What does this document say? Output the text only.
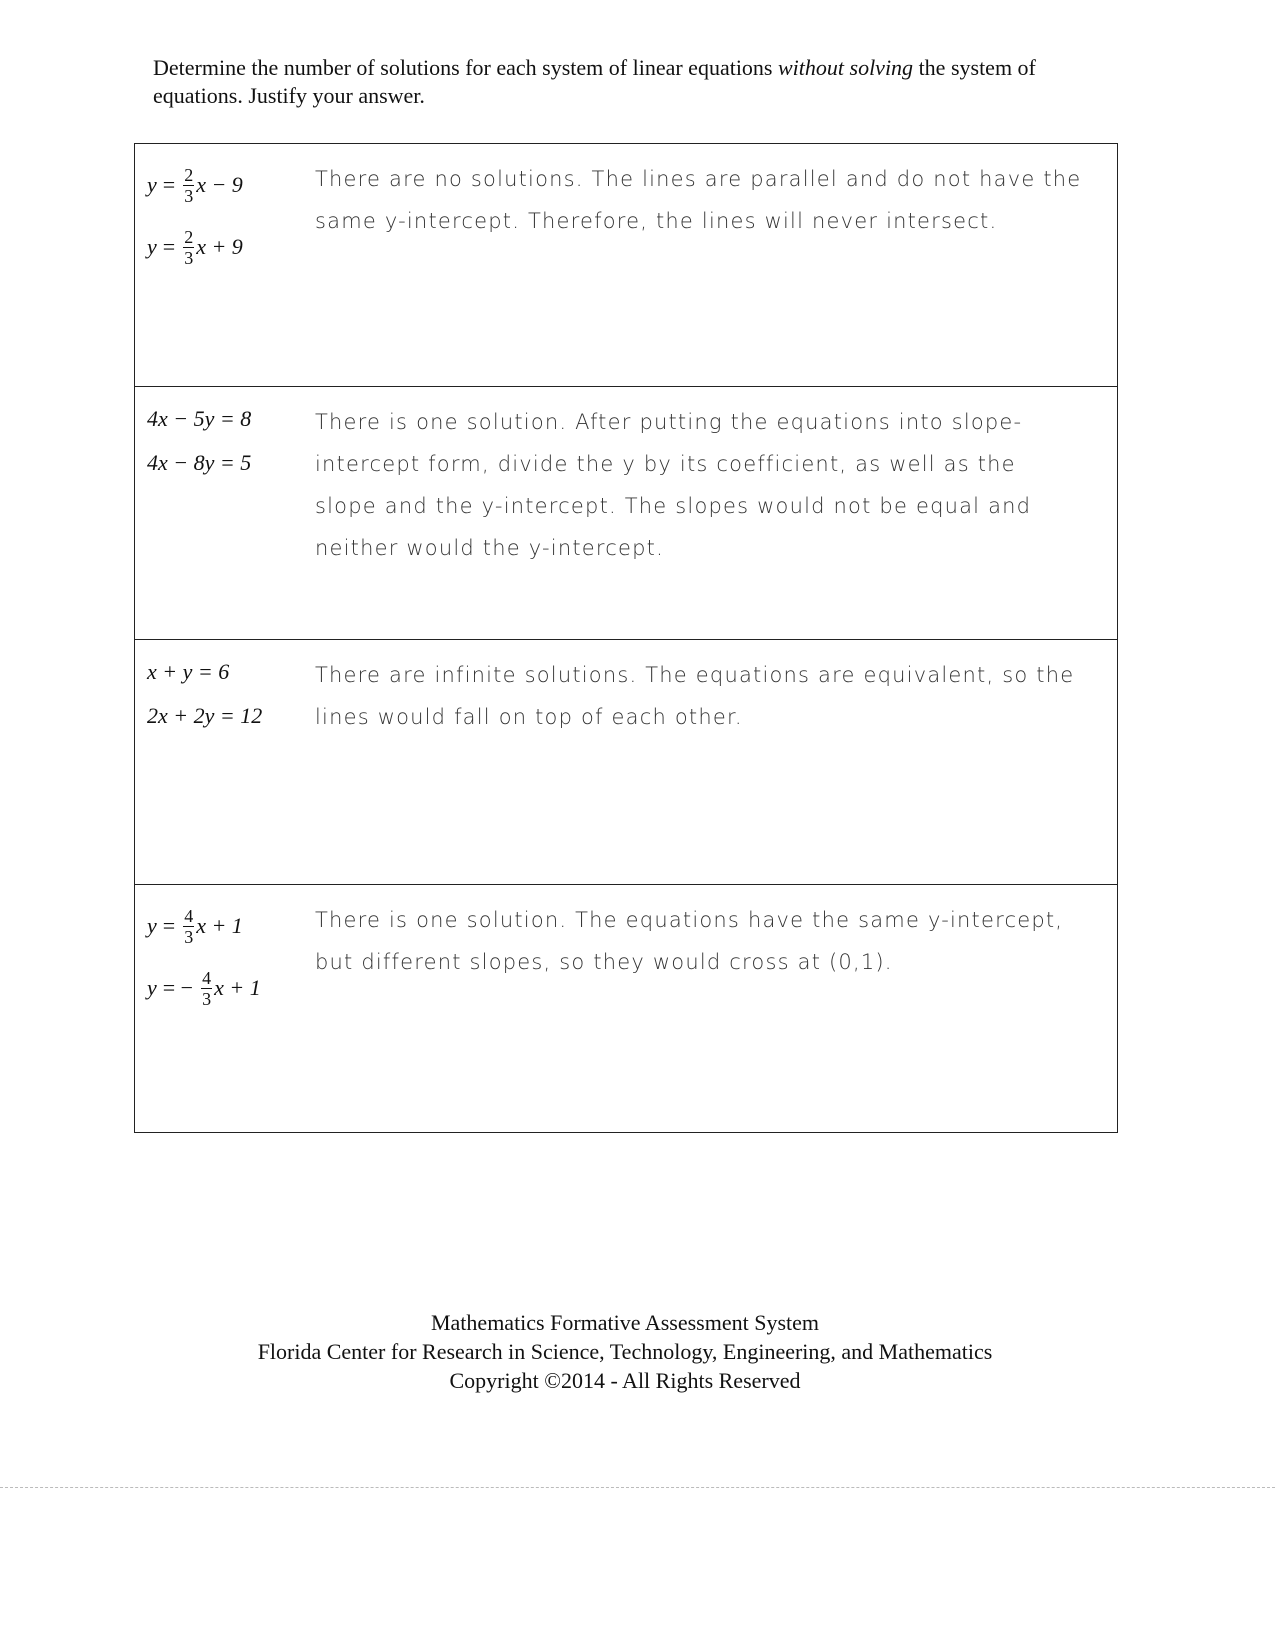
Determine the number of solutions for each system of linear equations without solving the system of equations. Justify your answer.
$y = \frac{2}{3}$ x − 9
$y = \frac{2}{3}$ x + 9
There are no solutions. The lines are parallel and do not have the same y-intercept. Therefore, the lines will never intersect.
4x − 5y = 8
4x − 8y = 5
There is one solution. After putting the equations into slope-intercept form, divide the y by its coefficient, as well as the slope and the y-intercept. The slopes would not be equal and neither would the y-intercept.
x + y = 6
2x + 2y = 12
There are infinite solutions. The equations are equivalent, so the lines would fall on top of each other.
$y = \frac{4}{3}$ x + 1
y = − $\frac{4}{3}$ x + 1
There is one solution. The equations have the same y-intercept, but different slopes, so they would cross at (0,1).
Mathematics Formative Assessment System
Florida Center for Research in Science, Technology, Engineering, and Mathematics
Copyright ©2014 - All Rights Reserved
